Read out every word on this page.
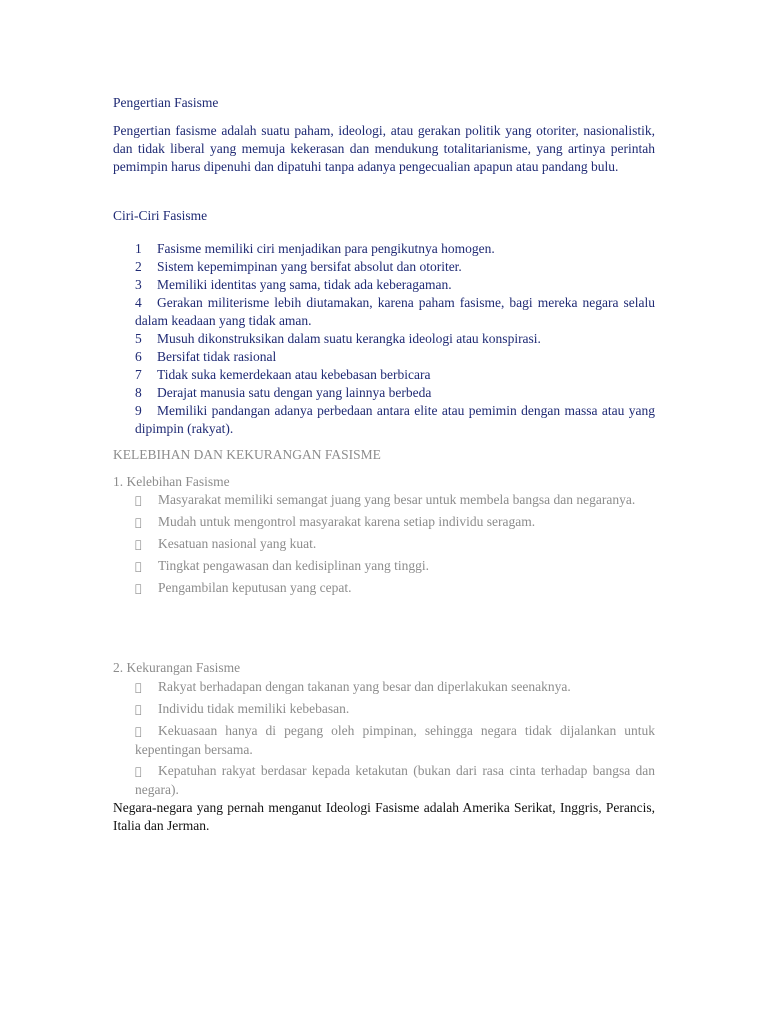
Pengertian Fasisme

Pengertian fasisme adalah suatu paham, ideologi, atau gerakan politik yang otoriter, nasionalistik, dan tidak liberal yang memuja kekerasan dan mendukung totalitarianisme, yang artinya perintah pemimpin harus dipenuhi dan dipatuhi tanpa adanya pengecualian apapun atau pandang bulu.

Ciri-Ciri Fasisme
1 Fasisme memiliki ciri menjadikan para pengikutnya homogen.
2 Sistem kepemimpinan yang bersifat absolut dan otoriter.
3 Memiliki identitas yang sama, tidak ada keberagaman.
4 Gerakan militerisme lebih diutamakan, karena paham fasisme, bagi mereka negara selalu dalam keadaan yang tidak aman.
5 Musuh dikonstruksikan dalam suatu kerangka ideologi atau konspirasi.
6 Bersifat tidak rasional
7 Tidak suka kemerdekaan atau kebebasan berbicara
8 Derajat manusia satu dengan yang lainnya berbeda
9 Memiliki pandangan adanya perbedaan antara elite atau pemimin dengan massa atau yang dipimpin (rakyat).
KELEBIHAN DAN KEKURANGAN FASISME
1. Kelebihan Fasisme
Masyarakat memiliki semangat juang yang besar untuk membela bangsa dan negaranya.
Mudah untuk mengontrol masyarakat karena setiap individu seragam.
Kesatuan nasional yang kuat.
Tingkat pengawasan dan kedisiplinan yang tinggi.
Pengambilan keputusan yang cepat.
2. Kekurangan Fasisme
Rakyat berhadapan dengan takanan yang besar dan diperlakukan seenaknya.
Individu tidak memiliki kebebasan.
Kekuasaan hanya di pegang oleh pimpinan, sehingga negara tidak dijalankan untuk kepentingan bersama.
Kepatuhan rakyat berdasar kepada ketakutan (bukan dari rasa cinta terhadap bangsa dan negara).

Negara-negara yang pernah menganut Ideologi Fasisme adalah Amerika Serikat, Inggris, Perancis, Italia dan Jerman.
